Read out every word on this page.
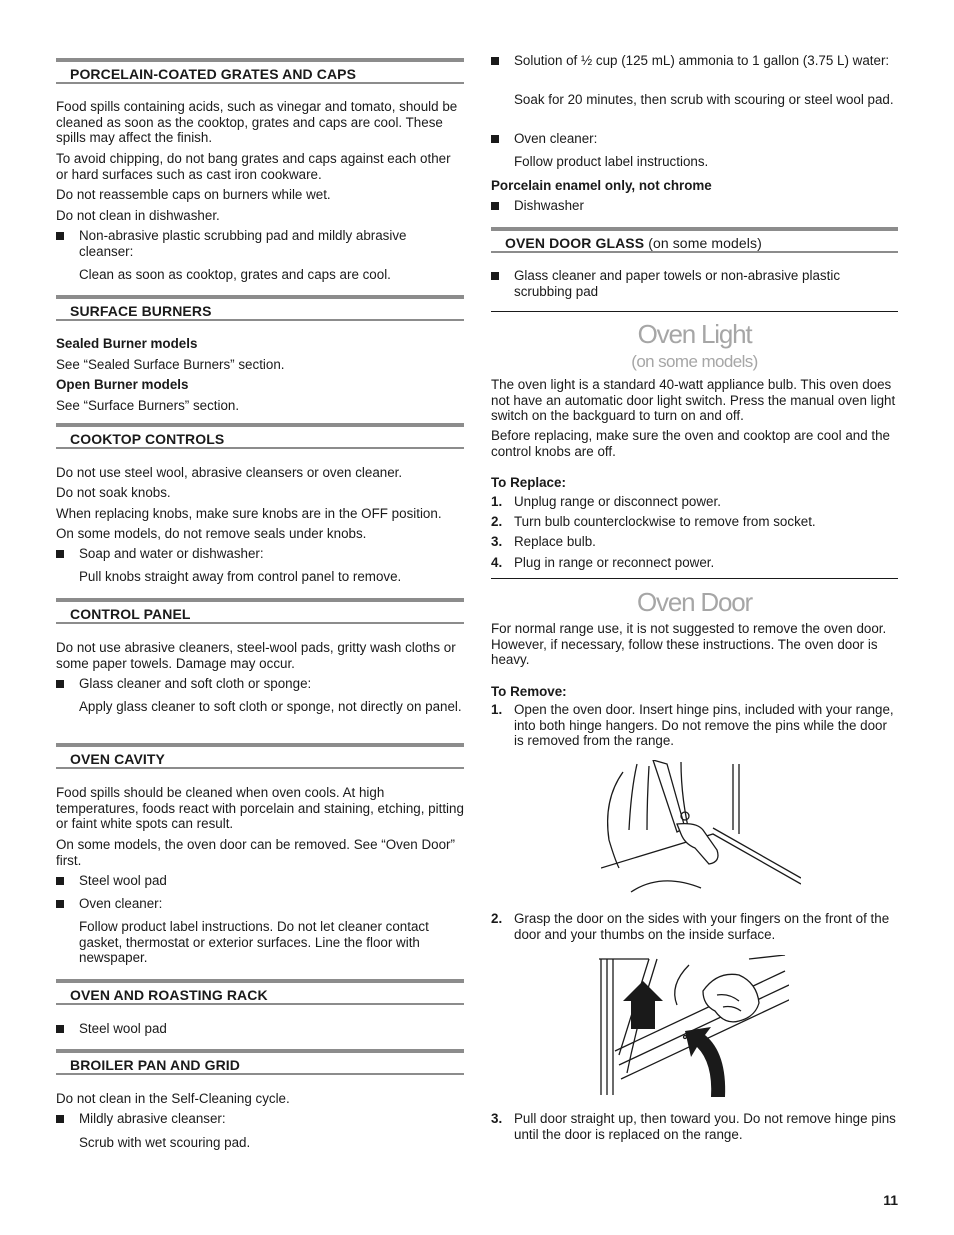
PORCELAIN-COATED GRATES AND CAPS

Food spills containing acids, such as vinegar and tomato, should be cleaned as soon as the cooktop, grates and caps are cool. These spills may affect the finish.

To avoid chipping, do not bang grates and caps against each other or hard surfaces such as cast iron cookware.

Do not reassemble caps on burners while wet.

Do not clean in dishwasher.

Non-abrasive plastic scrubbing pad and mildly abrasive cleanser:

Clean as soon as cooktop, grates and caps are cool.

SURFACE BURNERS

Sealed Burner models

See “Sealed Surface Burners” section.

Open Burner models

See “Surface Burners” section.

COOKTOP CONTROLS

Do not use steel wool, abrasive cleansers or oven cleaner.

Do not soak knobs.

When replacing knobs, make sure knobs are in the OFF position.

On some models, do not remove seals under knobs.

Soap and water or dishwasher:

Pull knobs straight away from control panel to remove.

CONTROL PANEL

Do not use abrasive cleaners, steel-wool pads, gritty wash cloths or some paper towels. Damage may occur.

Glass cleaner and soft cloth or sponge:

Apply glass cleaner to soft cloth or sponge, not directly on panel.

OVEN CAVITY

Food spills should be cleaned when oven cools. At high temperatures, foods react with porcelain and staining, etching, pitting or faint white spots can result.

On some models, the oven door can be removed. See “Oven Door” first.

Steel wool pad
Oven cleaner:

Follow product label instructions. Do not let cleaner contact gasket, thermostat or exterior surfaces. Line the floor with newspaper.

OVEN AND ROASTING RACK
Steel wool pad
BROILER PAN AND GRID

Do not clean in the Self-Cleaning cycle.

Mildly abrasive cleanser:

Scrub with wet scouring pad.

Solution of ½ cup (125 mL) ammonia to 1 gallon (3.75 L) water:

Soak for 20 minutes, then scrub with scouring or steel wool pad.

Oven cleaner:

Follow product label instructions.

Porcelain enamel only, not chrome

Dishwasher
OVEN DOOR GLASS (on some models)
Glass cleaner and paper towels or non-abrasive plastic scrubbing pad
Oven Light
(on some models)

The oven light is a standard 40-watt appliance bulb. This oven does not have an automatic door light switch. Press the manual oven light switch on the backguard to turn on and off.

Before replacing, make sure the oven and cooktop are cool and the control knobs are off.

To Replace:

1. Unplug range or disconnect power.
2. Turn bulb counterclockwise to remove from socket.
3. Replace bulb.
4. Plug in range or reconnect power.
Oven Door

For normal range use, it is not suggested to remove the oven door. However, if necessary, follow these instructions. The oven door is heavy.

To Remove:

1. Open the oven door. Insert hinge pins, included with your range, into both hinge hangers. Do not remove the pins while the door is removed from the range.
2. Grasp the door on the sides with your fingers on the front of the door and your thumbs on the inside surface.
3. Pull door straight up, then toward you. Do not remove hinge pins until the door is replaced on the range.
11
